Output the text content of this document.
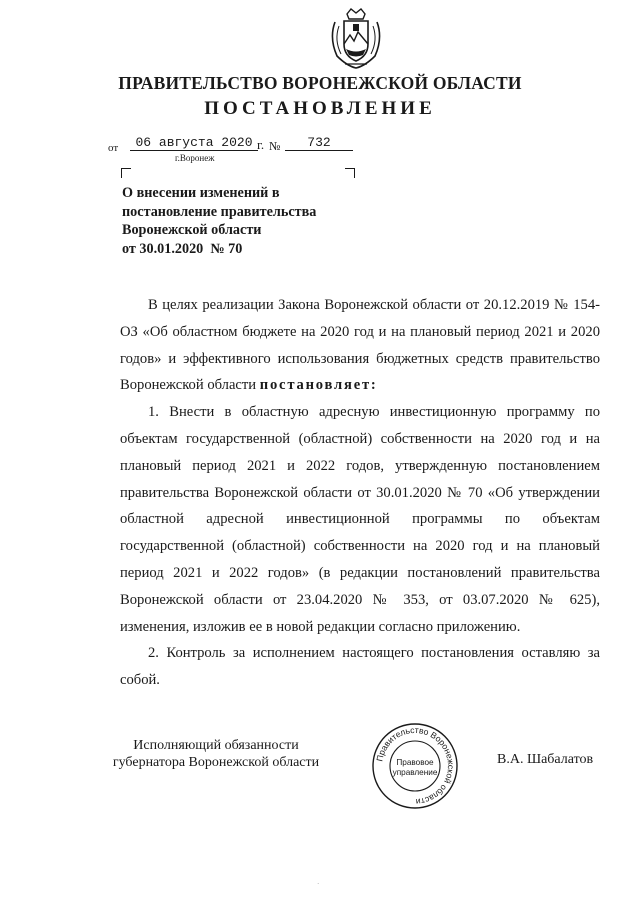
ПРАВИТЕЛЬСТВО ВОРОНЕЖСКОЙ ОБЛАСТИ
ПОСТАНОВЛЕНИЕ
от	06 августа 2020 г. №	732
г.Воронеж
О внесении изменений в
постановление правительства
Воронежской области
от 30.01.2020  № 70

В целях реализации Закона Воронежской области от 20.12.2019 № 154-ОЗ «Об областном бюджете на 2020 год и на плановый период 2021 и 2020 годов» и эффективного использования бюджетных средств правительство Воронежской области постановляет:

1. Внести в областную адресную инвестиционную программу по объектам государственной (областной) собственности на 2020 год и на плановый период 2021 и 2022 годов, утвержденную постановлением правительства Воронежской области от 30.01.2020 № 70 «Об утверждении областной адресной инвестиционной программы по объектам государственной (областной) собственности на 2020 год и на плановый период 2021 и 2022 годов» (в редакции постановлений правительства Воронежской области от 23.04.2020 № 353, от 03.07.2020 № 625), изменения, изложив ее в новой редакции согласно приложению.

2. Контроль за исполнением настоящего постановления оставляю за собой.

Исполняющий обязанности
губернатора Воронежской области	Правительство Воронежской области
Правовое
управление
В.А. Шабалатов
·
